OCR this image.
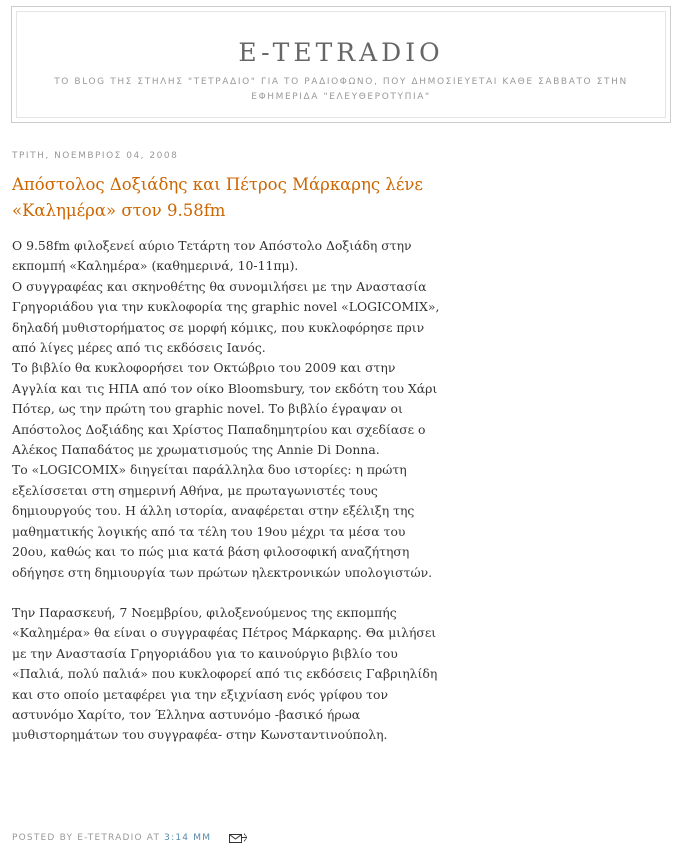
E-TETRADIO
ΤΟ BLOG ΤΗΣ ΣΤΗΛΗΣ "ΤΕΤΡΑΔΙΟ" ΓΙΑ ΤΟ ΡΑΔΙΟΦΩΝΟ, ΠΟΥ ΔΗΜΟΣΙΕΥΕΤΑΙ ΚΑΘΕ ΣΑΒΒΑΤΟ ΣΤΗΝ ΕΦΗΜΕΡΙΔΑ "ΕΛΕΥΘΕΡΟΤΥΠΙΑ"
ΤΡΙΤΗ, ΝΟΕΜΒΡΙΟΣ 04, 2008
Απόστολος Δοξιάδης και Πέτρος Μάρκαρης λένε «Καλημέρα» στον 9.58fm

Ο 9.58fm φιλοξενεί αύριο Τετάρτη τον Απόστολο Δοξιάδη στην εκπομπή «Καλημέρα» (καθημερινά, 10-11πμ).

Ο συγγραφέας και σκηνοθέτης θα συνομιλήσει με την Αναστασία Γρηγοριάδου για την κυκλοφορία της graphic novel «LOGICOMIX», δηλαδή μυθιστορήματος σε μορφή κόμικς, που κυκλοφόρησε πριν από λίγες μέρες από τις εκδόσεις Ιανός.

Το βιβλίο θα κυκλοφορήσει τον Οκτώβριο του 2009 και στην Αγγλία και τις ΗΠΑ από τον οίκο Bloomsbury, τον εκδότη του Χάρι Πότερ, ως την πρώτη του graphic novel. Το βιβλίο έγραψαν οι Απόστολος Δοξιάδης και Χρίστος Παπαδημητρίου και σχεδίασε ο Αλέκος Παπαδάτος με χρωματισμούς της Annie Di Donna.

Το «LOGICOMIX» διηγείται παράλληλα δυο ιστορίες: η πρώτη εξελίσσεται στη σημερινή Αθήνα, με πρωταγωνιστές τους δημιουργούς του. Η άλλη ιστορία, αναφέρεται στην εξέλιξη της μαθηματικής λογικής από τα τέλη του 19ου μέχρι τα μέσα του 20ου, καθώς και το πώς μια κατά βάση φιλοσοφική αναζήτηση οδήγησε στη δημιουργία των πρώτων ηλεκτρονικών υπολογιστών.

Την Παρασκευή, 7 Νοεμβρίου, φιλοξενούμενος της εκπομπής «Καλημέρα» θα είναι ο συγγραφέας Πέτρος Μάρκαρης. Θα μιλήσει με την Αναστασία Γρηγοριάδου για το καινούργιο βιβλίο του «Παλιά, πολύ παλιά» που κυκλοφορεί από τις εκδόσεις Γαβριηλίδη και στο οποίο μεταφέρει για την εξιχνίαση ενός γρίφου τον αστυνόμο Χαρίτο, τον Έλληνα αστυνόμο -βασικό ήρωα μυθιστορημάτων του συγγραφέα- στην Κωνσταντινούπολη.

POSTED BY E-TETRADIO AT 3:14 ΜΜ
